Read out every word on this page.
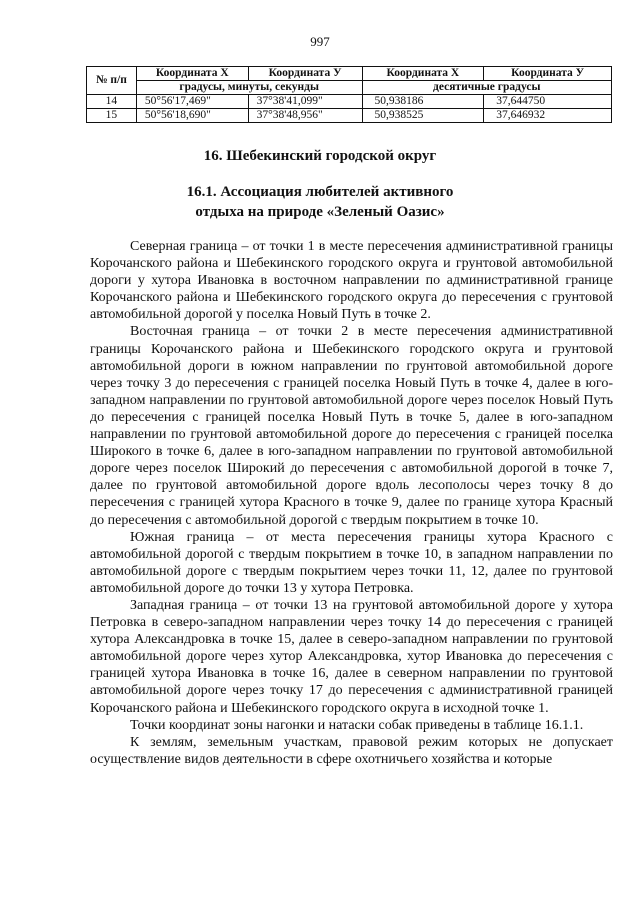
997
№ п/п	Координата X	Координата У	Координата X	Координата У
	градусы, минуты, секунды		десятичные градусы	
14	50°56'17,469"	37°38'41,099"	50,938186	37,644750
15	50°56'18,690"	37°38'48,956"	50,938525	37,646932
16. Шебекинский городской округ
16.1. Ассоциация любителей активного отдыха на природе «Зеленый Оазис»

Северная граница – от точки 1 в месте пересечения административной границы Корочанского района и Шебекинского городского округа и грунтовой автомобильной дороги у хутора Ивановка в восточном направлении по административной границе Корочанского района и Шебекинского городского округа до пересечения с грунтовой автомобильной дорогой у поселка Новый Путь в точке 2.

Восточная граница – от точки 2 в месте пересечения административной границы Корочанского района и Шебекинского городского округа и грунтовой автомобильной дороги в южном направлении по грунтовой автомобильной дороге через точку 3 до пересечения с границей поселка Новый Путь в точке 4, далее в юго-западном направлении по грунтовой автомобильной дороге через поселок Новый Путь до пересечения с границей поселка Новый Путь в точке 5, далее в юго-западном направлении по грунтовой автомобильной дороге до пересечения с границей поселка Широкого в точке 6, далее в юго-западном направлении по грунтовой автомобильной дороге через поселок Широкий до пересечения с автомобильной дорогой в точке 7, далее по грунтовой автомобильной дороге вдоль лесополосы через точку 8 до пересечения с границей хутора Красного в точке 9, далее по границе хутора Красный до пересечения с автомобильной дорогой с твердым покрытием в точке 10.

Южная граница – от места пересечения границы хутора Красного с автомобильной дорогой с твердым покрытием в точке 10, в западном направлении по автомобильной дороге с твердым покрытием через точки 11, 12, далее по грунтовой автомобильной дороге до точки 13 у хутора Петровка.

Западная граница – от точки 13 на грунтовой автомобильной дороге у хутора Петровка в северо-западном направлении через точку 14 до пересечения с границей хутора Александровка в точке 15, далее в северо-западном направлении по грунтовой автомобильной дороге через хутор Александровка, хутор Ивановка до пересечения с границей хутора Ивановка в точке 16, далее в северном направлении по грунтовой автомобильной дороге через точку 17 до пересечения с административной границей Корочанского района и Шебекинского городского округа в исходной точке 1.

Точки координат зоны нагонки и натаски собак приведены в таблице 16.1.1.

К землям, земельным участкам, правовой режим которых не допускает осуществление видов деятельности в сфере охотничьего хозяйства и которые
